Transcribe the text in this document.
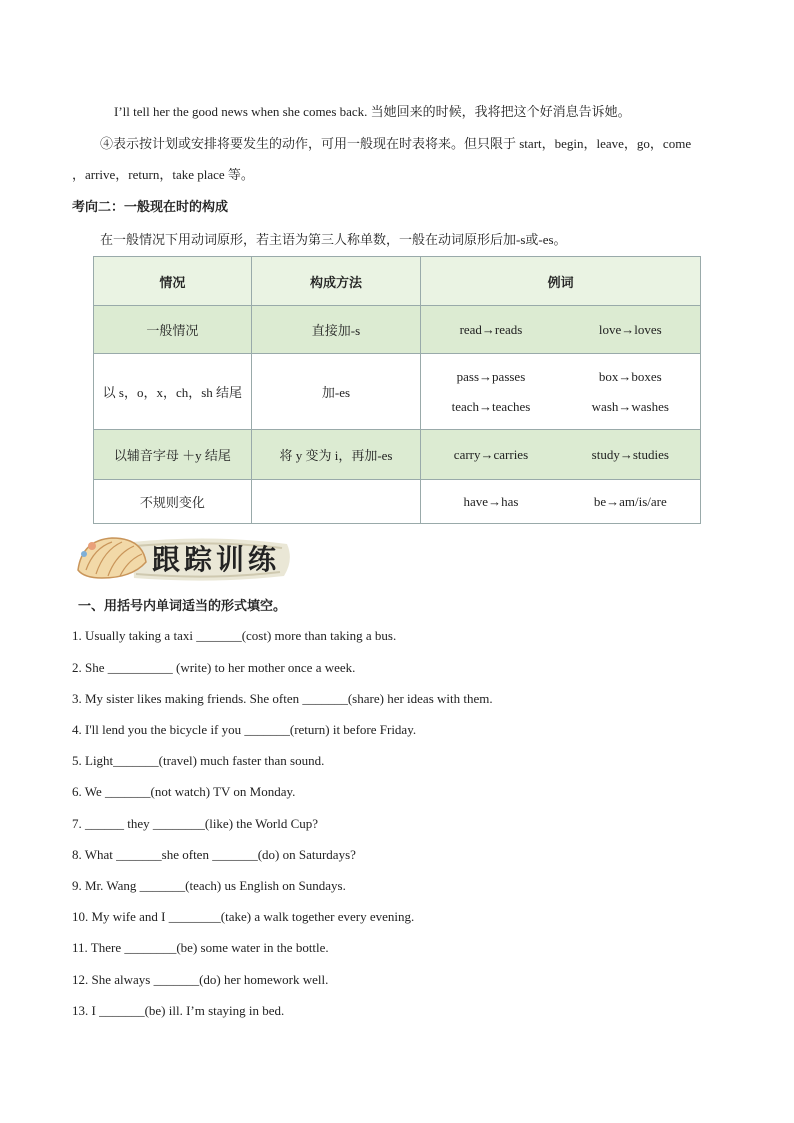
I’ll tell her the good news when she comes back. 当她回来的时候，我将把这个好消息告诉她。
④表示按计划或安排将要发生的动作，可用一般现在时表将来。但只限于 start，begin，leave，go，come
，arrive，return，take place 等。
考向二：一般现在时的构成
在一般情况下用动词原形，若主语为第三人称单数，一般在动词原形后加-s或-es。
情况	构成方法	例词
一般情况	直接加-s	read→reads love→loves

以 s，o，x，ch，sh 结尾	加-es	pass→passes box→boxes
teach→teaches wash→washes

以辅音字母 ＋y 结尾	将 y 变为 i，再加-es	carry→carries study→studies

不规则变化		have→has be→am/is/are
跟踪训练
一、用括号内单词适当的形式填空。
1. Usually taking a taxi _______(cost) more than taking a bus.
2. She __________ (write) to her mother once a week.
3. My sister likes making friends. She often _______(share) her ideas with them.
4. I'll lend you the bicycle if you _______(return) it before Friday.
5. Light_______(travel) much faster than sound.
6. We _______(not watch) TV on Monday.
7. ______ they ________(like) the World Cup?
8. What _______she often _______(do) on Saturdays?
9. Mr. Wang _______(teach) us English on Sundays.
10. My wife and I ________(take) a walk together every evening.
11. There ________(be) some water in the bottle.
12. She always _______(do) her homework well.
13. I _______(be) ill. I’m staying in bed.
